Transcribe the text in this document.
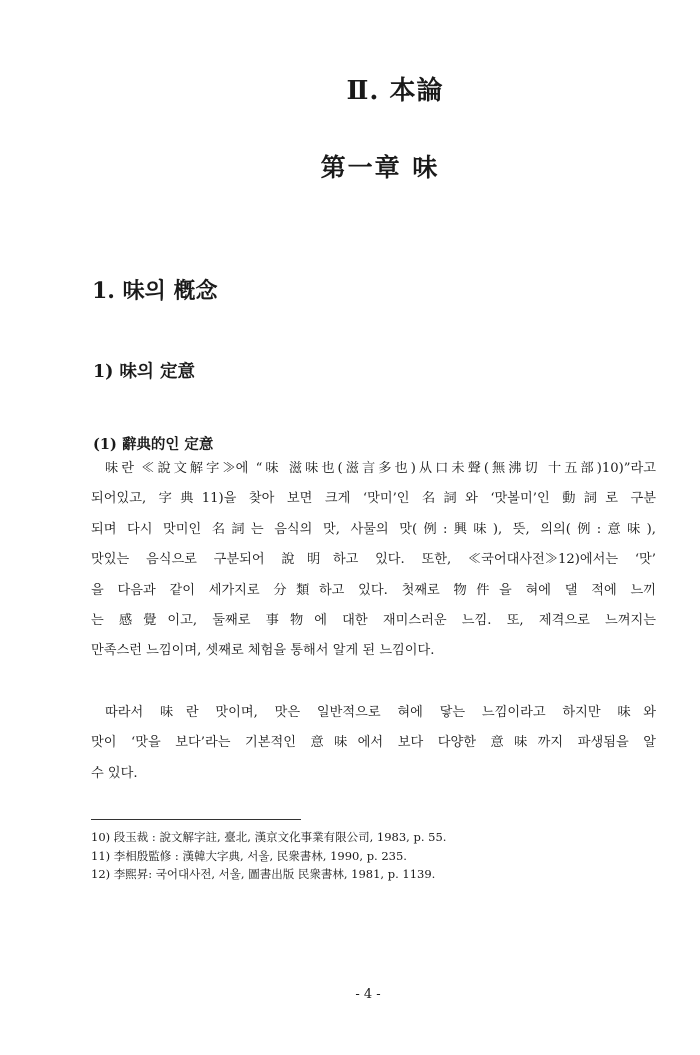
Ⅱ. 本論
第一章 味
1. 味의 槪念
1) 味의 定意
(1) 辭典的인 定意
味란 ≪說文解字≫에 “味 滋味也(滋言多也)从口未聲(無沸切 十五部)10)”라고
되어있고, 字典11)을 찾아 보면 크게 ‘맛미’인 名詞와 ‘맛볼미’인 動詞로 구분
되며 다시 맛미인 名詞는 음식의 맛, 사물의 맛(例:興味), 뜻, 의의(例:意味),
맛있는 음식으로 구분되어 說明하고 있다. 또한, ≪국어대사전≫12)에서는 ‘맛’
을 다음과 같이 세가지로 分類하고 있다. 첫째로 物件을 혀에 댈 적에 느끼
는 感覺이고, 둘째로 事物에 대한 재미스러운 느낌. 또, 제격으로 느껴지는
만족스런 느낌이며, 셋째로 체험을 통해서 알게 된 느낌이다.
따라서 味란 맛이며, 맛은 일반적으로 혀에 닿는 느낌이라고 하지만 味와
맛이 ‘맛을 보다’라는 기본적인 意味에서 보다 다양한 意味까지 파생됨을 알
수 있다.
10) 段玉裁 : 說文解字註, 臺北, 漢京文化事業有限公司, 1983, p. 55.
11) 李相殷監修 : 漢韓大字典, 서울, 民衆書林, 1990, p. 235.
12) 李熙昇: 국어대사전, 서울, 圖書出版 民衆書林, 1981, p. 1139.
- 4 -
